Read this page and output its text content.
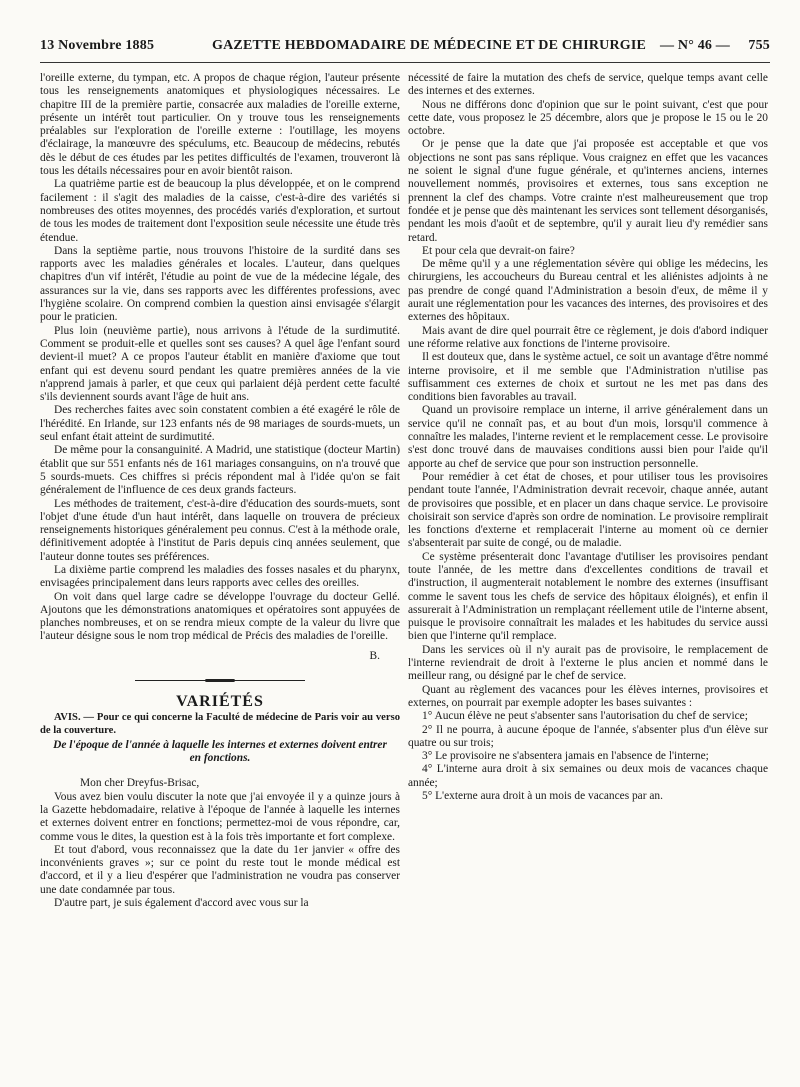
13 Novembre 1885	GAZETTE HEBDOMADAIRE DE MÉDECINE ET DE CHIRURGIE — N° 46 — 755

l'oreille externe, du tympan, etc. A propos de chaque région, l'auteur présente tous les renseignements anatomiques et physiologiques nécessaires. Le chapitre III de la première partie, consacrée aux maladies de l'oreille externe, présente un intérêt tout particulier. On y trouve tous les renseignements préalables sur l'exploration de l'oreille externe : l'outillage, les moyens d'éclairage, la manœuvre des spéculums, etc. Beaucoup de médecins, rebutés dès le début de ces études par les petites difficultés de l'examen, trouveront là tous les détails nécessaires pour en avoir bientôt raison.

La quatrième partie est de beaucoup la plus développée, et on le comprend facilement : il s'agit des maladies de la caisse, c'est-à-dire des variétés si nombreuses des otites moyennes, des procédés variés d'exploration, et surtout de tous les modes de traitement dont l'exposition seule nécessite une étude très étendue.

Dans la septième partie, nous trouvons l'histoire de la surdité dans ses rapports avec les maladies générales et locales. L'auteur, dans quelques chapitres d'un vif intérêt, l'étudie au point de vue de la médecine légale, des assurances sur la vie, dans ses rapports avec les différentes professions, avec l'hygiène scolaire. On comprend combien la question ainsi envisagée s'élargit pour le praticien.

Plus loin (neuvième partie), nous arrivons à l'étude de la surdimutité. Comment se produit-elle et quelles sont ses causes? A quel âge l'enfant sourd devient-il muet? A ce propos l'auteur établit en manière d'axiome que tout enfant qui est devenu sourd pendant les quatre premières années de la vie n'apprend jamais à parler, et que ceux qui parlaient déjà perdent cette faculté s'ils deviennent sourds avant l'âge de huit ans.

Des recherches faites avec soin constatent combien a été exagéré le rôle de l'hérédité. En Irlande, sur 123 enfants nés de 98 mariages de sourds-muets, un seul enfant était atteint de surdimutité.

De même pour la consanguinité. A Madrid, une statistique (docteur Martin) établit que sur 551 enfants nés de 161 mariages consanguins, on n'a trouvé que 5 sourds-muets. Ces chiffres si précis répondent mal à l'idée qu'on se fait généralement de l'influence de ces deux grands facteurs.

Les méthodes de traitement, c'est-à-dire d'éducation des sourds-muets, sont l'objet d'une étude d'un haut intérêt, dans laquelle on trouvera de précieux renseignements historiques généralement peu connus. C'est à la méthode orale, définitivement adoptée à l'institut de Paris depuis cinq années seulement, que l'auteur donne toutes ses préférences.

La dixième partie comprend les maladies des fosses nasales et du pharynx, envisagées principalement dans leurs rapports avec celles des oreilles.

On voit dans quel large cadre se développe l'ouvrage du docteur Gellé. Ajoutons que les démonstrations anatomiques et opératoires sont appuyées de planches nombreuses, et on se rendra mieux compte de la valeur du livre que l'auteur désigne sous le nom trop médical de Précis des maladies de l'oreille.

B.
VARIÉTÉS

AVIS. — Pour ce qui concerne la Faculté de médecine de Paris voir au verso de la couverture.

De l'époque de l'année à laquelle les internes et externes doivent entrer en fonctions.

Mon cher Dreyfus-Brisac,

Vous avez bien voulu discuter la note que j'ai envoyée il y a quinze jours à la Gazette hebdomadaire, relative à l'époque de l'année à laquelle les internes et externes doivent entrer en fonctions; permettez-moi de vous répondre, car, comme vous le dites, la question est à la fois très importante et fort complexe.

Et tout d'abord, vous reconnaissez que la date du 1er janvier « offre des inconvénients graves »; sur ce point du reste tout le monde médical est d'accord, et il y a lieu d'espérer que l'administration ne voudra pas conserver une date condamnée par tous.

D'autre part, je suis également d'accord avec vous sur la

nécessité de faire la mutation des chefs de service, quelque temps avant celle des internes et des externes.

Nous ne différons donc d'opinion que sur le point suivant, c'est que pour cette date, vous proposez le 25 décembre, alors que je propose le 15 ou le 20 octobre.

Or je pense que la date que j'ai proposée est acceptable et que vos objections ne sont pas sans réplique. Vous craignez en effet que les vacances ne soient le signal d'une fugue générale, et qu'internes anciens, internes nouvellement nommés, provisoires et externes, tous sans exception ne prennent la clef des champs. Votre crainte n'est malheureusement que trop fondée et je pense que dès maintenant les services sont tellement désorganisés, pendant les mois d'août et de septembre, qu'il y aurait lieu d'y remédier sans retard.

Et pour cela que devrait-on faire?

De même qu'il y a une réglementation sévère qui oblige les médecins, les chirurgiens, les accoucheurs du Bureau central et les aliénistes adjoints à ne pas prendre de congé quand l'Administration a besoin d'eux, de même il y aurait une réglementation pour les vacances des internes, des provisoires et des externes des hôpitaux.

Mais avant de dire quel pourrait être ce règlement, je dois d'abord indiquer une réforme relative aux fonctions de l'interne provisoire.

Il est douteux que, dans le système actuel, ce soit un avantage d'être nommé interne provisoire, et il me semble que l'Administration n'utilise pas suffisamment ces externes de choix et surtout ne les met pas dans des conditions bien favorables au travail.

Quand un provisoire remplace un interne, il arrive généralement dans un service qu'il ne connaît pas, et au bout d'un mois, lorsqu'il commence à connaître les malades, l'interne revient et le remplacement cesse. Le provisoire s'est donc trouvé dans de mauvaises conditions aussi bien pour l'aide qu'il apporte au chef de service que pour son instruction personnelle.

Pour remédier à cet état de choses, et pour utiliser tous les provisoires pendant toute l'année, l'Administration devrait recevoir, chaque année, autant de provisoires que possible, et en placer un dans chaque service. Le provisoire choisirait son service d'après son ordre de nomination. Le provisoire remplirait les fonctions d'externe et remplacerait l'interne au moment où ce dernier s'absenterait par suite de congé, ou de maladie.

Ce système présenterait donc l'avantage d'utiliser les provisoires pendant toute l'année, de les mettre dans d'excellentes conditions de travail et d'instruction, il augmenterait notablement le nombre des externes (insuffisant comme le savent tous les chefs de service des hôpitaux éloignés), et enfin il assurerait à l'Administration un remplaçant réellement utile de l'interne absent, puisque le provisoire connaîtrait les malades et les habitudes du service aussi bien que l'interne qu'il remplace.

Dans les services où il n'y aurait pas de provisoire, le remplacement de l'interne reviendrait de droit à l'externe le plus ancien et nommé dans le meilleur rang, ou désigné par le chef de service.

Quant au règlement des vacances pour les élèves internes, provisoires et externes, on pourrait par exemple adopter les bases suivantes :

1° Aucun élève ne peut s'absenter sans l'autorisation du chef de service;

2° Il ne pourra, à aucune époque de l'année, s'absenter plus d'un élève sur quatre ou sur trois;

3° Le provisoire ne s'absentera jamais en l'absence de l'interne;

4° L'interne aura droit à six semaines ou deux mois de vacances chaque année;

5° L'externe aura droit à un mois de vacances par an.
